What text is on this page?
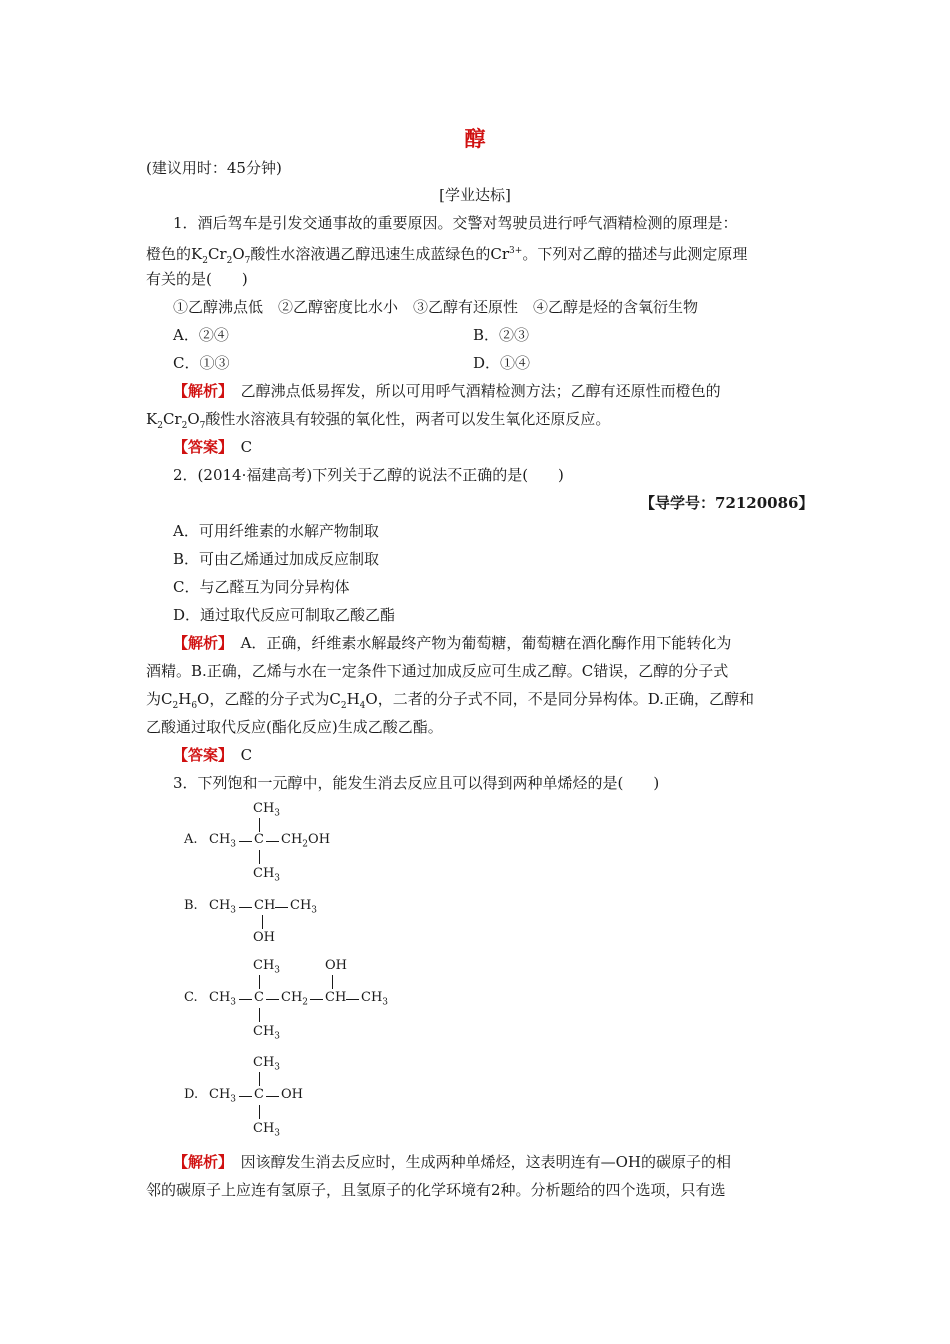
醇
(建议用时：45分钟)
[学业达标]
1．酒后驾车是引发交通事故的重要原因。交警对驾驶员进行呼气酒精检测的原理是：
橙色的$K_2Cr_2O_7$酸性水溶液遇乙醇迅速生成蓝绿色的$Cr^{3+}$。下列对乙醇的描述与此测定原理
有关的是(　　)
①乙醇沸点低　②乙醇密度比水小　③乙醇有还原性　④乙醇是烃的含氧衍生物
A．②④	B．②③
C．①③	D．①④
【解析】　 乙醇沸点低易挥发，所以可用呼气酒精检测方法；乙醇有还原性而橙色的
$K_2Cr_2O_7$酸性水溶液具有较强的氧化性，两者可以发生氧化还原反应。
【答案】　 C
2．(2014·福建高考)下列关于乙醇的说法不正确的是(　　)
【导学号：72120086】
A．可用纤维素的水解产物制取
B．可由乙烯通过加成反应制取
C．与乙醛互为同分异构体
D．通过取代反应可制取乙酸乙酯
【解析】　 A．正确，纤维素水解最终产物为葡萄糖，葡萄糖在酒化酶作用下能转化为
酒精。B.正确，乙烯与水在一定条件下通过加成反应可生成乙醇。C错误，乙醇的分子式
为$C_2H_6O$，乙醛的分子式为$C_2H_4O$，二者的分子式不同，不是同分异构体。D.正确，乙醇和
乙酸通过取代反应(酯化反应)生成乙酸乙酯。
【答案】　 C
3．下列饱和一元醇中，能发生消去反应且可以得到两种单烯烃的是(　　)
A.
$CH_3$
$CH_3$ C $CH_2OH$
$CH_3$
B. $CH_3$ CH $CH_3$
OH
C.
$CH_3$	OH
$CH_3$ C $CH_2$ CH $CH_3$
$CH_3$
D.
$CH_3$
$CH_3$ C OH
$CH_3$
【解析】　 因该醇发生消去反应时，生成两种单烯烃，这表明连有—OH的碳原子的相
邻的碳原子上应连有氢原子，且氢原子的化学环境有2种。分析题给的四个选项，只有选
